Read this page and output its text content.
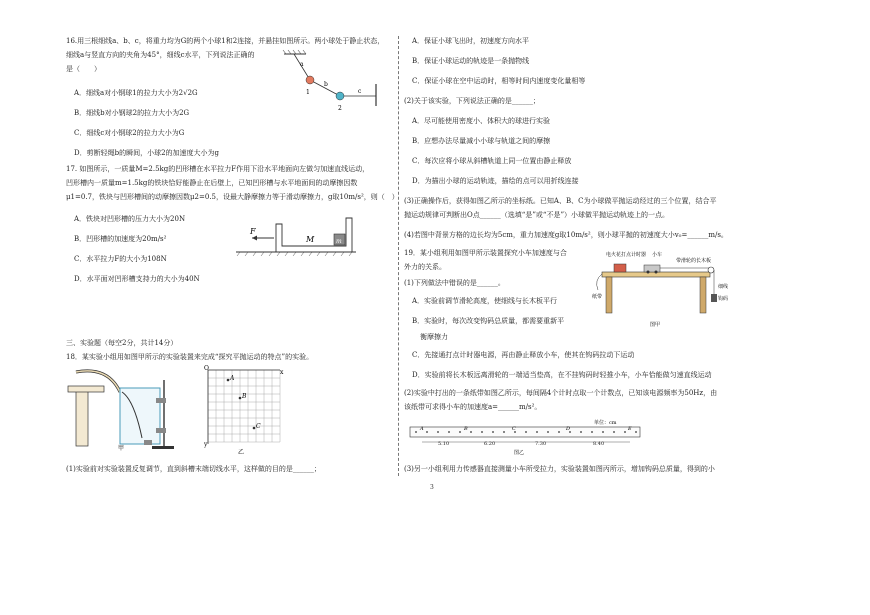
16.用三根细线a、b、c，将重力均为G的两个小球1和2连接，并悬挂如图所示。两小球处于静止状态，
细线a与竖直方向的夹角为45°，细线c水平，下列说法正确的
是（　　）
A．细线a对小钢球1的拉力大小为2√2G
B．细线b对小钢球2的拉力大小为2G
C．细线c对小钢球2的拉力大小为G
D．剪断轻绳b的瞬间，小球2的加速度大小为g
a
b
c
1
2
17. 如图所示，一质量M=2.5kg的凹形槽在水平拉力F作用下沿水平地面向左做匀加速直线运动，
凹形槽内一质量m=1.5kg的铁块恰好能静止在后壁上，已知凹形槽与水平地面间的动摩擦因数
μ1=0.7，铁块与凹形槽间的动摩擦因数μ2=0.5，设最大静摩擦力等于滑动摩擦力，g取10m/s²，则（　）
A．铁块对凹形槽的压力大小为20N
B．凹形槽的加速度为20m/s²
C．水平拉力F的大小为108N
D．水平面对凹形槽支持力的大小为40N
F
M	m
三、实验题（每空2分，共计14分）
18．某实验小组用如图甲所示的实验装置来完成“探究平抛运动的特点”的实验。
甲
O
x
y
A
B
C
乙
(1)实验前对实验装置反复调节，直到斜槽末端切线水平，这样做的目的是______；
A．保证小球飞出时，初速度方向水平
B．保证小球运动的轨迹是一条抛物线
C．保证小球在空中运动时，相等时间内速度变化量相等
(2)关于该实验，下列说法正确的是______；
A．尽可能使用密度小、体积大的球进行实验
B．应想办法尽量减小小球与轨道之间的摩擦
C．每次应将小球从斜槽轨道上同一位置由静止释放
D．为描出小球的运动轨迹，描绘的点可以用折线连接
(3)正确操作后，获得如图乙所示的坐标纸。已知A、B、C为小球做平抛运动经过的三个位置，结合平
抛运动规律可判断出O点______（选填“是”或“不是”）小球做平抛运动轨迹上的一点。
(4)若图中背景方格的边长均为5cm，重力加速度g取10m/s²，则小球平抛的初速度大小v₀=______m/s。
19．某小组利用如图甲所示装置探究小车加速度与合
外力的关系。
(1)下列做法中错误的是______。
A．实验前调节滑轮高度，使细线与长木板平行
B．实验时，每次改变钩码总质量，都需要重新平
衡摩擦力
C．先接通打点计时器电源，再由静止释放小车，使其在钩码拉动下运动
D．实验前将长木板远离滑轮的一端适当垫高，在不挂钩码时轻推小车，小车恰能做匀速直线运动
(2)实验中打出的一条纸带如图乙所示，每间隔4个计时点取一个计数点，已知该电源频率为50Hz，由
该纸带可求得小车的加速度a=______m/s²。
电火花打点计时器 小车
带滑轮的长木板
纸带
细线
钩码
图甲
单位：cm
A	B	C	D	E
5.10	6.20	7.30	8.40
图乙
(3)另一小组利用力传感器直接测量小车所受拉力，实验装置如图丙所示，增加钩码总质量，得到的小
3
